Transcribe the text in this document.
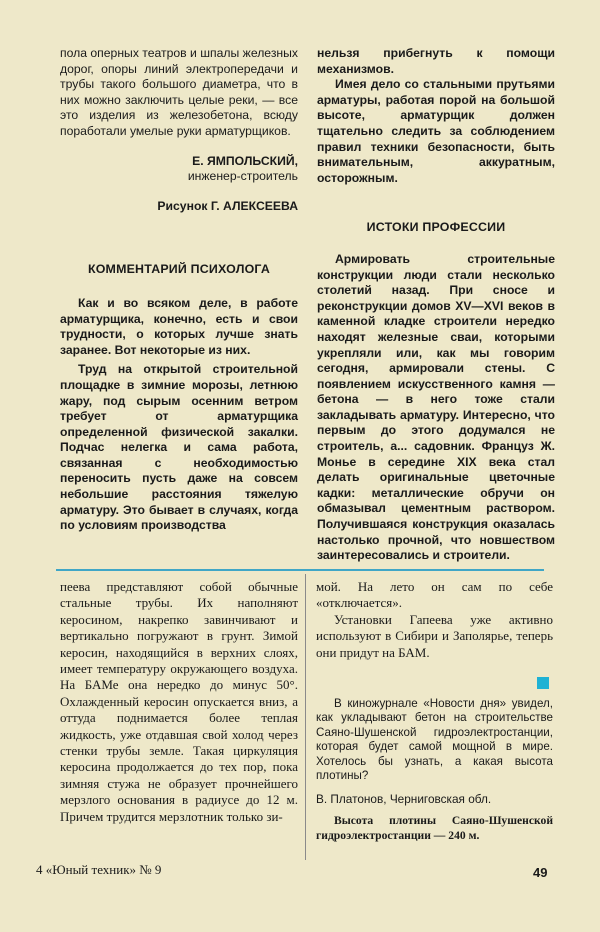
пола оперных театров и шпалы железных дорог, опоры линий электропередачи и трубы такого большого диаметра, что в них можно заключить целые реки, — все это изделия из железобетона, всюду поработали умелые руки арматурщиков.

Е. ЯМПОЛЬСКИЙ,
инженер-строитель
Рисунок Г. АЛЕКСЕЕВА
КОММЕНТАРИЙ ПСИХОЛОГА

Как и во всяком деле, в работе арматурщика, конечно, есть и свои трудности, о которых лучше знать заранее. Вот некоторые из них.

Труд на открытой строительной площадке в зимние морозы, летнюю жару, под сырым осенним ветром требует от арматурщика определенной физической закалки. Подчас нелегка и сама работа, связанная с необходимостью переносить пусть даже на совсем небольшие расстояния тяжелую арматуру. Это бывает в случаях, когда по условиям производства

нельзя прибегнуть к помощи механизмов.

Имея дело со стальными прутьями арматуры, работая порой на большой высоте, арматурщик должен тщательно следить за соблюдением правил техники безопасности, быть внимательным, аккуратным, осторожным.

ИСТОКИ ПРОФЕССИИ

Армировать строительные конструкции люди стали несколько столетий назад. При сносе и реконструкции домов XV—XVI веков в каменной кладке строители нередко находят железные сваи, которыми укрепляли или, как мы говорим сегодня, армировали стены. С появлением искусственного камня — бетона — в него тоже стали закладывать арматуру. Интересно, что первым до этого додумался не строитель, а... садовник. Француз Ж. Монье в середине XIX века стал делать оригинальные цветочные кадки: металлические обручи он обмазывал цементным раствором. Получившаяся конструкция оказалась настолько прочной, что новшеством заинтересовались и строители.

пеева представляют собой обычные стальные трубы. Их наполняют керосином, накрепко завинчивают и вертикально погружают в грунт. Зимой керосин, находящийся в верхних слоях, имеет температуру окружающего воздуха. На БАМе она нередко до минус 50°. Охлажденный керосин опускается вниз, а оттуда поднимается более теплая жидкость, уже отдавшая свой холод через стенки трубы земле. Такая циркуляция керосина продолжается до тех пор, пока зимняя стужа не образует прочнейшего мерзлого основания в радиусе до 12 м. Причем трудится мерзлотник только зи-

мой. На лето он сам по себе «отключается».

Установки Гапеева уже активно используют в Сибири и Заполярье, теперь они придут на БАМ.

В киножурнале «Новости дня» увидел, как укладывают бетон на строительстве Саяно-Шушенской гидроэлектростанции, которая будет самой мощной в мире. Хотелось бы узнать, а какая высота плотины?

В. Платонов, Черниговская обл.

Высота плотины Саяно-Шушенской гидроэлектростанции — 240 м.

4 «Юный техник» № 9	49
